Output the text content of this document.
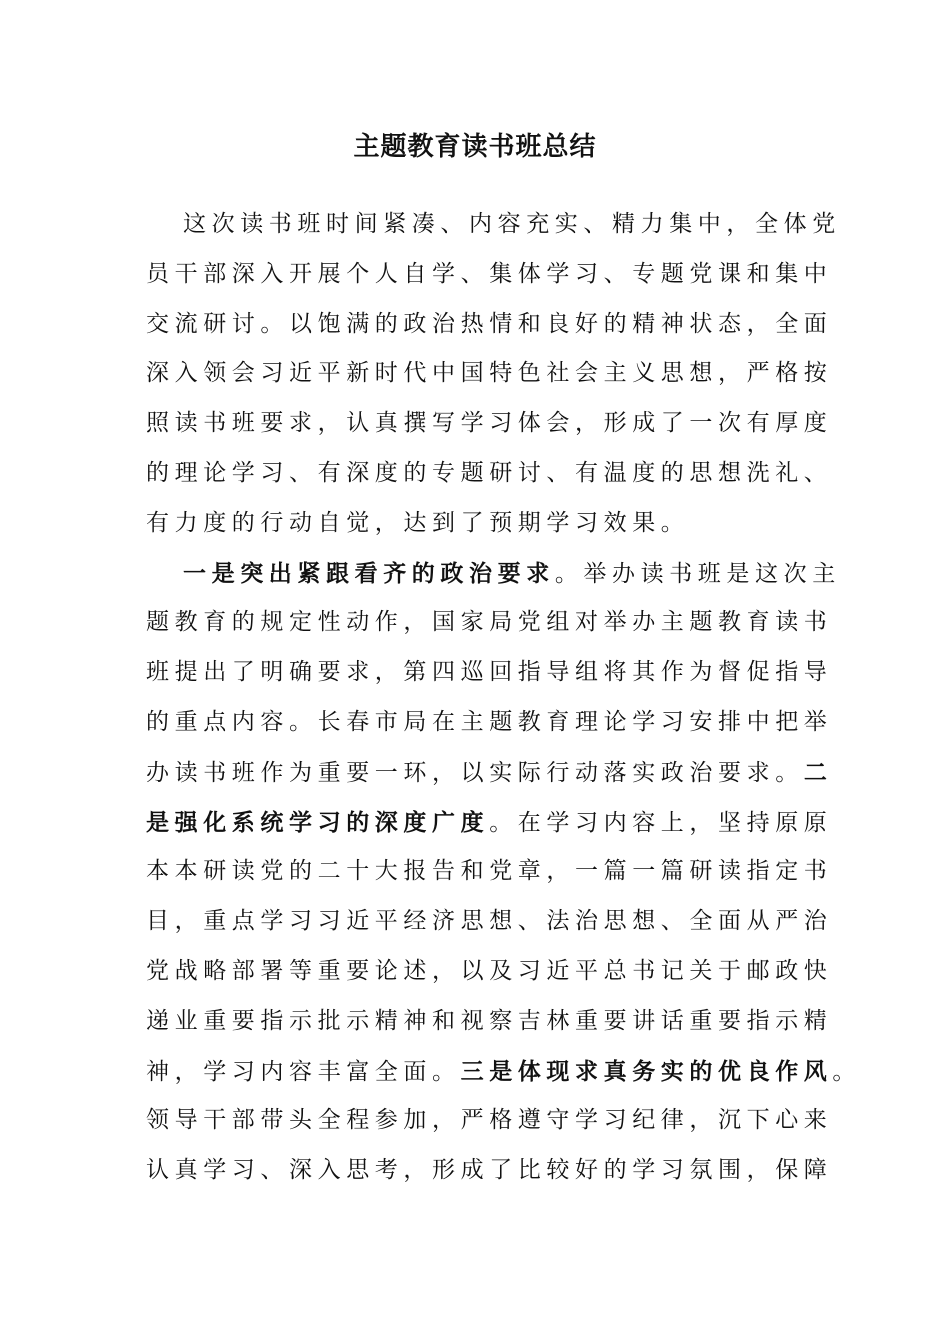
主题教育读书班总结
这次读书班时间紧凑、内容充实、精力集中，全体党
员干部深入开展个人自学、集体学习、专题党课和集中
交流研讨。以饱满的政治热情和良好的精神状态，全面
深入领会习近平新时代中国特色社会主义思想，严格按
照读书班要求，认真撰写学习体会，形成了一次有厚度
的理论学习、有深度的专题研讨、有温度的思想洗礼、
有力度的行动自觉，达到了预期学习效果。
一是突出紧跟看齐的政治要求。举办读书班是这次主
题教育的规定性动作，国家局党组对举办主题教育读书
班提出了明确要求，第四巡回指导组将其作为督促指导
的重点内容。长春市局在主题教育理论学习安排中把举
办读书班作为重要一环，以实际行动落实政治要求。二
是强化系统学习的深度广度。在学习内容上，坚持原原
本本研读党的二十大报告和党章，一篇一篇研读指定书
目，重点学习习近平经济思想、法治思想、全面从严治
党战略部署等重要论述，以及习近平总书记关于邮政快
递业重要指示批示精神和视察吉林重要讲话重要指示精
神，学习内容丰富全面。三是体现求真务实的优良作风。
领导干部带头全程参加，严格遵守学习纪律，沉下心来
认真学习、深入思考，形成了比较好的学习氛围，保障
